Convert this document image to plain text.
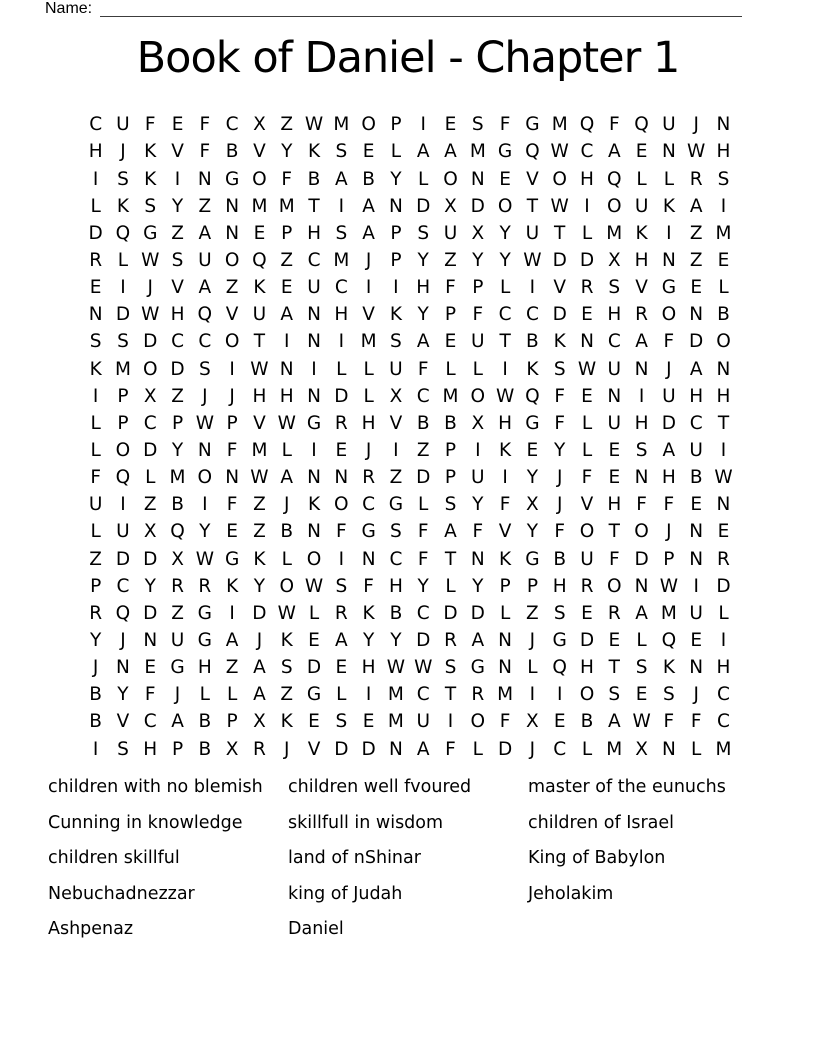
Name:
Book of Daniel - Chapter 1
C U F E F C X Z W M O P	I	E S F G M Q F Q U J N
H J	K V F B V Y K S E L A A M G Q W C A E N W H
I	S K I N G O F B A B Y L O N E V O H Q L L R S
L K S Y Z N M M T	I A N D X D O T W I O U K A I
D Q G Z A N E P H S A P S U X Y U T L M K I Z M
R L W S U O Q Z C M J	P Y Z Y Y W D D X H N Z E
E	I	J V A Z K E U C I	I H F P L	I V R S V G E L
N D W H Q V U A N H V K Y P F C C D E H R O N B
S S D C C O T	I N I M S A E U T B K N C A F D O
K M O D S	I W N I	L L U F L L	I	K S W U N J A N
I	P X Z J	J H H N D L X C M O W Q F E N I U H H
L P C P W P V W G R H V B B X H G F L U H D C T
L O D Y N F M L	I	E	J	I Z P	I	K E Y L E S A U I
F Q L M O N W A N N R Z D P U I	Y	J	F E N H B W
U I Z B I	F Z J	K O C G L S Y F X J V H F F E N
L U X Q Y E Z B N F G S F A F V Y F O T O J N E
Z D D X W G K L O I N C F T N K G B U F D P N R
P C Y R R K Y O W S F H Y L Y P P H R O N W I D
R Q D Z G I D W L R K B C D D L Z S E R A M U L
Y	J N U G A J	K E A Y Y D R A N J G D E L Q E	I
J N E G H Z A S D E H W W S G N L Q H T S K N H
B Y F	J	L L A Z G L	I M C T R M I	I O S E S	J C
B V C A B P X K E S E M U I O F X E B A W F F C
I	S H P B X R J V D D N A F L D J C L M X N L M
children with no blemish
Cunning in knowledge
children skillful
Nebuchadnezzar
Ashpenaz
children well fvoured
skillfull in wisdom
land of nShinar
king of Judah
Daniel
master of the eunuchs
children of Israel
King of Babylon
Jeholakim
